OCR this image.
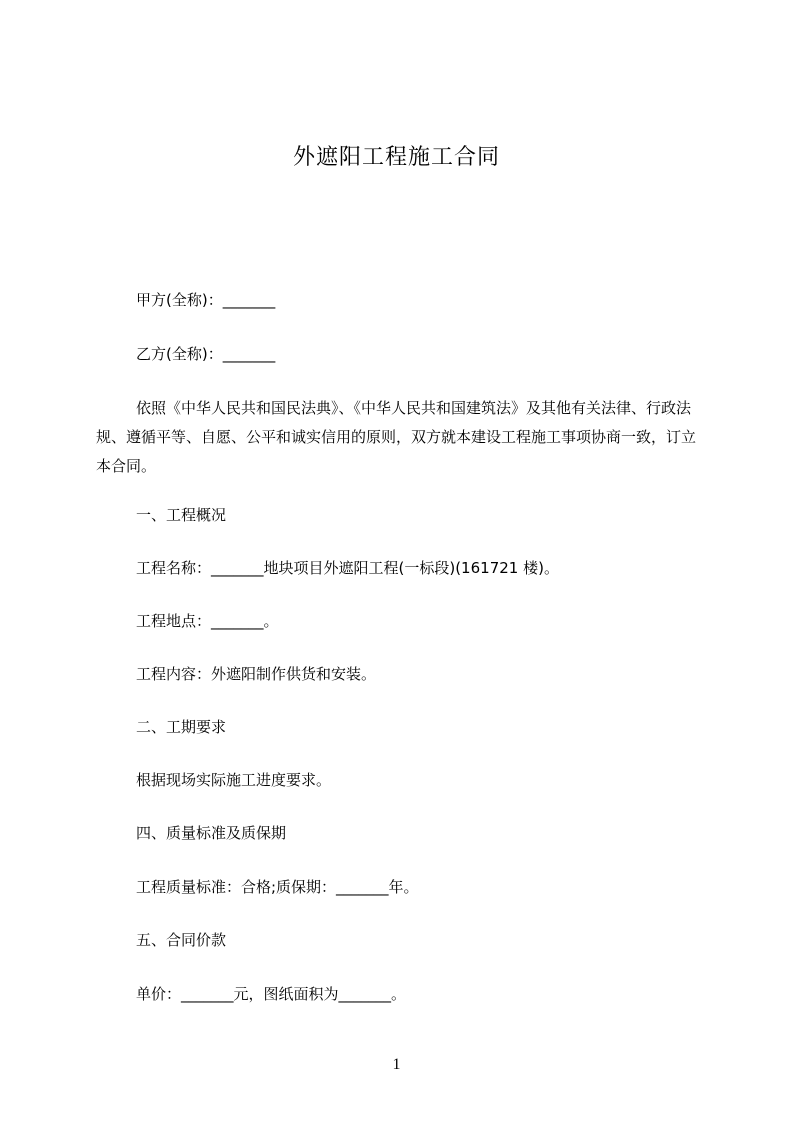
外遮阳工程施工合同
甲方(全称)：_______
乙方(全称)：_______
依照《中华人民共和国民法典》、《中华人民共和国建筑法》及其他有关法律、行政法规、遵循平等、自愿、公平和诚实信用的原则，双方就本建设工程施工事项协商一致，订立本合同。
一、工程概况
工程名称：_______地块项目外遮阳工程(一标段)(161721 楼)。
工程地点：_______。
工程内容：外遮阳制作供货和安装。
二、工期要求
根据现场实际施工进度要求。
四、质量标准及质保期
工程质量标准：合格;质保期：_______年。
五、合同价款
单价：_______元，图纸面积为_______。
1
